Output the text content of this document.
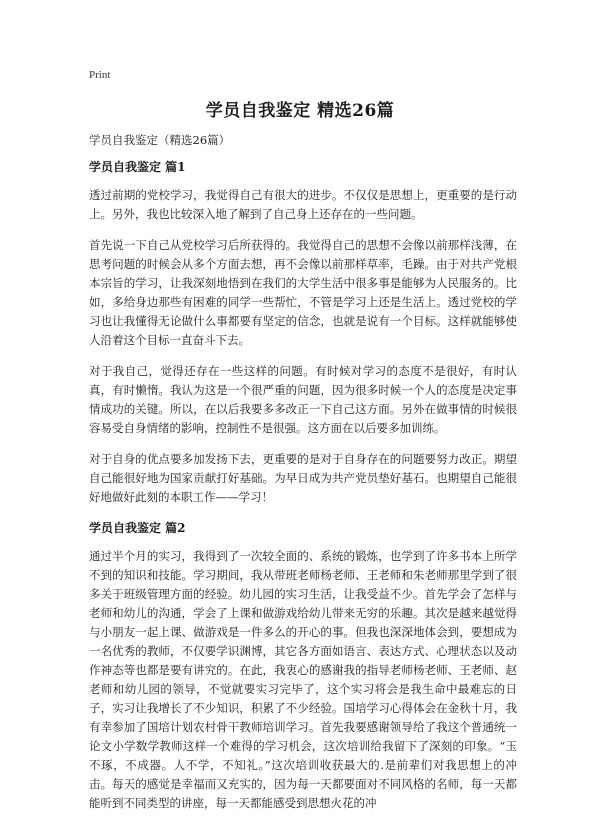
Print
学员自我鉴定 精选26篇

学员自我鉴定（精选26篇）

学员自我鉴定 篇1

透过前期的党校学习，我觉得自己有很大的进步。不仅仅是思想上，更重要的是行动上。另外，我也比较深入地了解到了自己身上还存在的一些问题。

首先说一下自己从党校学习后所获得的。我觉得自己的思想不会像以前那样浅薄，在思考问题的时候会从多个方面去想，再不会像以前那样草率，毛躁。由于对共产党根本宗旨的学习，让我深刻地悟到在我们的大学生活中很多事是能够为人民服务的。比如，多给身边那些有困难的同学一些帮忙，不管是学习上还是生活上。透过党校的学习也让我懂得无论做什么事都要有坚定的信念，也就是说有一个目标。这样就能够使人沿着这个目标一直奋斗下去。

对于我自己，觉得还存在一些这样的问题。有时候对学习的态度不是很好，有时认真，有时懒惰。我认为这是一个很严重的问题，因为很多时候一个人的态度是决定事情成功的关键。所以，在以后我要多多改正一下自己这方面。另外在做事情的时候很容易受自身情绪的影响，控制性不是很强。这方面在以后要多加训练。

对于自身的优点要多加发扬下去，更重要的是对于自身存在的问题要努力改正。期望自己能很好地为国家贡献打好基础。为早日成为共产党员垫好基石。也期望自己能很好地做好此刻的本职工作——学习！

学员自我鉴定 篇2

通过半个月的实习，我得到了一次较全面的、系统的锻炼，也学到了许多书本上所学不到的知识和技能。学习期间，我从带班老师杨老师、王老师和朱老师那里学到了很多关于班级管理方面的经验。幼儿园的实习生活，让我受益不少。首先学会了怎样与老师和幼儿的沟通，学会了上课和做游戏给幼儿带来无穷的乐趣。其次是越来越觉得与小朋友一起上课、做游戏是一件多么的开心的事。但我也深深地体会到，要想成为一名优秀的教师，不仅要学识渊博，其它各方面如语言、表达方式、心理状态以及动作神态等也都是要有讲究的。在此，我衷心的感谢我的指导老师杨老师、王老师、赵老师和幼儿园的领导，不觉就要实习完毕了，这个实习将会是我生命中最难忘的日子，实习让我增长了不少知识，积累了不少经验。国培学习心得体会在金秋十月，我有幸参加了国培计划农村骨干教师培训学习。首先我要感谢领导给了我这个普通统一论文小学数学教师这样一个难得的学习机会，这次培训给我留下了深刻的印象。“玉不琢，不成器。人不学，不知礼。”这次培训收获最大的.是前辈们对我思想上的冲击。每天的感觉是幸福而又充实的，因为每一天都要面对不同风格的名师，每一天都能听到不同类型的讲座，每一天都能感受到思想火花的冲
